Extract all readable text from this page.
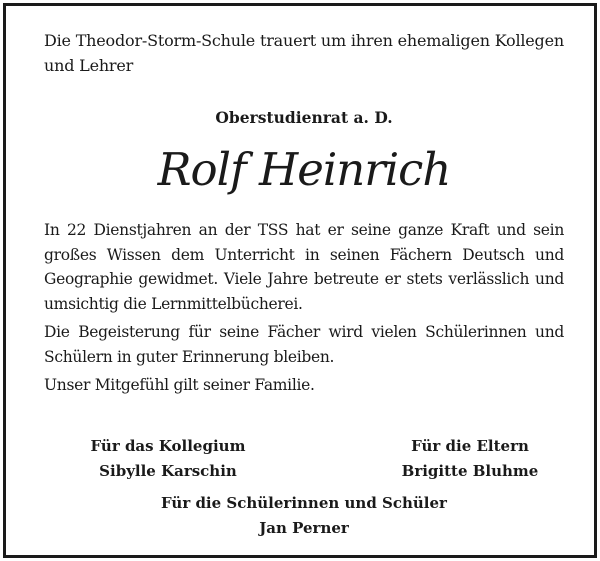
Die Theodor-Storm-Schule trauert um ihren ehemaligen Kollegen und Lehrer

Oberstudienrat a. D.

Rolf Heinrich

In 22 Dienstjahren an der TSS hat er seine ganze Kraft und sein großes Wissen dem Unterricht in seinen Fächern Deutsch und Geographie gewidmet. Viele Jahre betreute er stets verlässlich und umsichtig die Lernmittelbücherei.

Die Begeisterung für seine Fächer wird vielen Schülerinnen und Schülern in guter Erinnerung bleiben.

Unser Mitgefühl gilt seiner Familie.

Für das Kollegium
Sibylle Karschin
Für die Eltern
Brigitte Bluhme
Für die Schülerinnen und Schüler
Jan Perner
